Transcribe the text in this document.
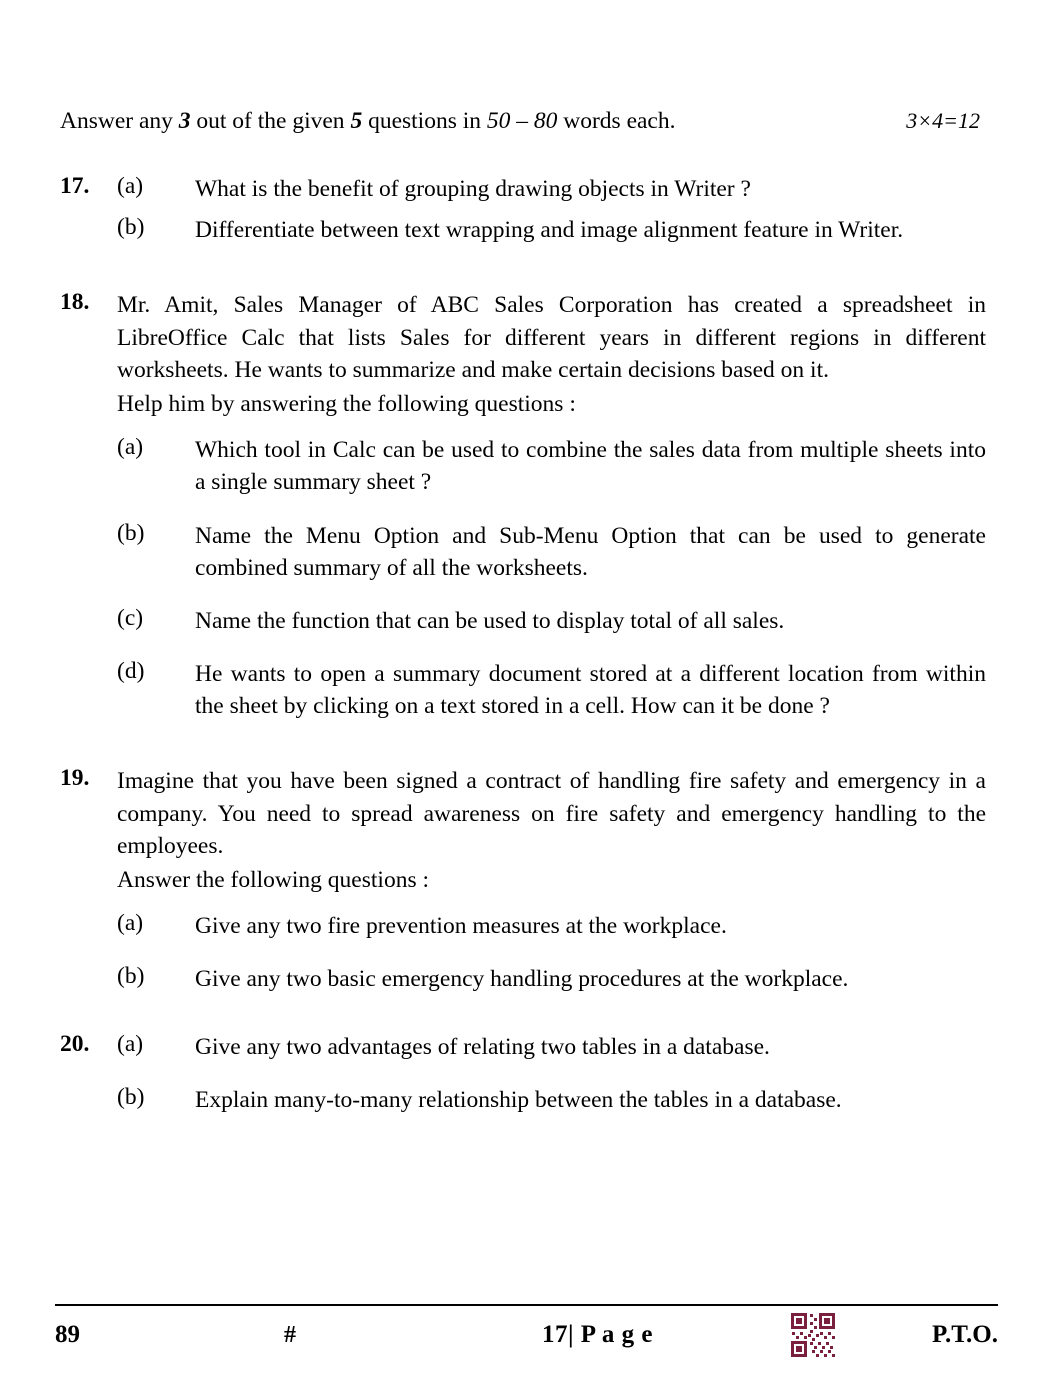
Answer any 3 out of the given 5 questions in 50 – 80 words each.	3×4=12
17.	(a)	What is the benefit of grouping drawing objects in Writer ?
(b)	Differentiate between text wrapping and image alignment feature in Writer.
18.	Mr. Amit, Sales Manager of ABC Sales Corporation has created a spreadsheet in LibreOffice Calc that lists Sales for different years in different regions in different worksheets. He wants to summarize and make certain decisions based on it.
Help him by answering the following questions :
(a)	Which tool in Calc can be used to combine the sales data from multiple sheets into a single summary sheet ?
(b)	Name the Menu Option and Sub-Menu Option that can be used to generate combined summary of all the worksheets.
(c)	Name the function that can be used to display total of all sales.
(d)	He wants to open a summary document stored at a different location from within the sheet by clicking on a text stored in a cell. How can it be done ?
19.	Imagine that you have been signed a contract of handling fire safety and emergency in a company. You need to spread awareness on fire safety and emergency handling to the employees.
Answer the following questions :
(a)	Give any two fire prevention measures at the workplace.
(b)	Give any two basic emergency handling procedures at the workplace.
20.	(a)	Give any two advantages of relating two tables in a database.
(b)	Explain many-to-many relationship between the tables in a database.
89	#	17| P a g e	P.T.O.
